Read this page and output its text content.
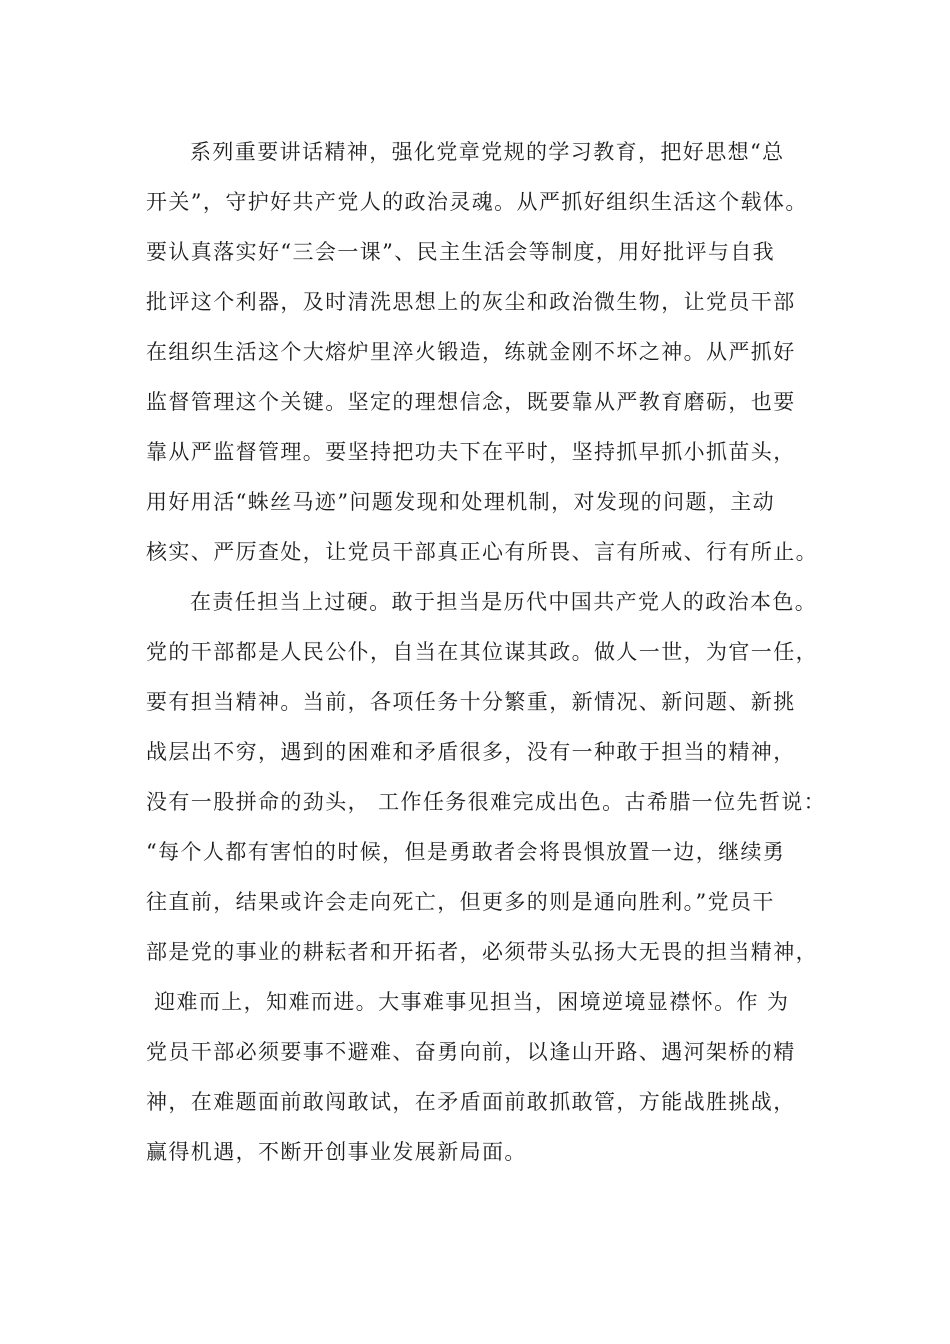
系列重要讲话精神，强化党章党规的学习教育，把好思想“总
开关”，守护好共产党人的政治灵魂。从严抓好组织生活这个载体。
要认真落实好“三会一课”、民主生活会等制度，用好批评与自我
批评这个利器，及时清洗思想上的灰尘和政治微生物，让党员干部
在组织生活这个大熔炉里淬火锻造，练就金刚不坏之神。从严抓好
监督管理这个关键。坚定的理想信念，既要靠从严教育磨砺，也要
靠从严监督管理。要坚持把功夫下在平时，坚持抓早抓小抓苗头，
用好用活“蛛丝马迹”问题发现和处理机制，对发现的问题，主动
核实、严厉查处，让党员干部真正心有所畏、言有所戒、行有所止。
在责任担当上过硬。敢于担当是历代中国共产党人的政治本色。
党的干部都是人民公仆，自当在其位谋其政。做人一世，为官一任，
要有担当精神。当前，各项任务十分繁重，新情况、新问题、新挑
战层出不穷，遇到的困难和矛盾很多，没有一种敢于担当的精神，
没有一股拼命的劲头， 工作任务很难完成出色。古希腊一位先哲说：
“每个人都有害怕的时候，但是勇敢者会将畏惧放置一边，继续勇
往直前，结果或许会走向死亡，但更多的则是通向胜利。”党员干
部是党的事业的耕耘者和开拓者，必须带头弘扬大无畏的担当精神，
迎难而上，知难而进。大事难事见担当，困境逆境显襟怀。作 为
党员干部必须要事不避难、奋勇向前，以逢山开路、遇河架桥的精
神，在难题面前敢闯敢试，在矛盾面前敢抓敢管，方能战胜挑战，
赢得机遇，不断开创事业发展新局面。
